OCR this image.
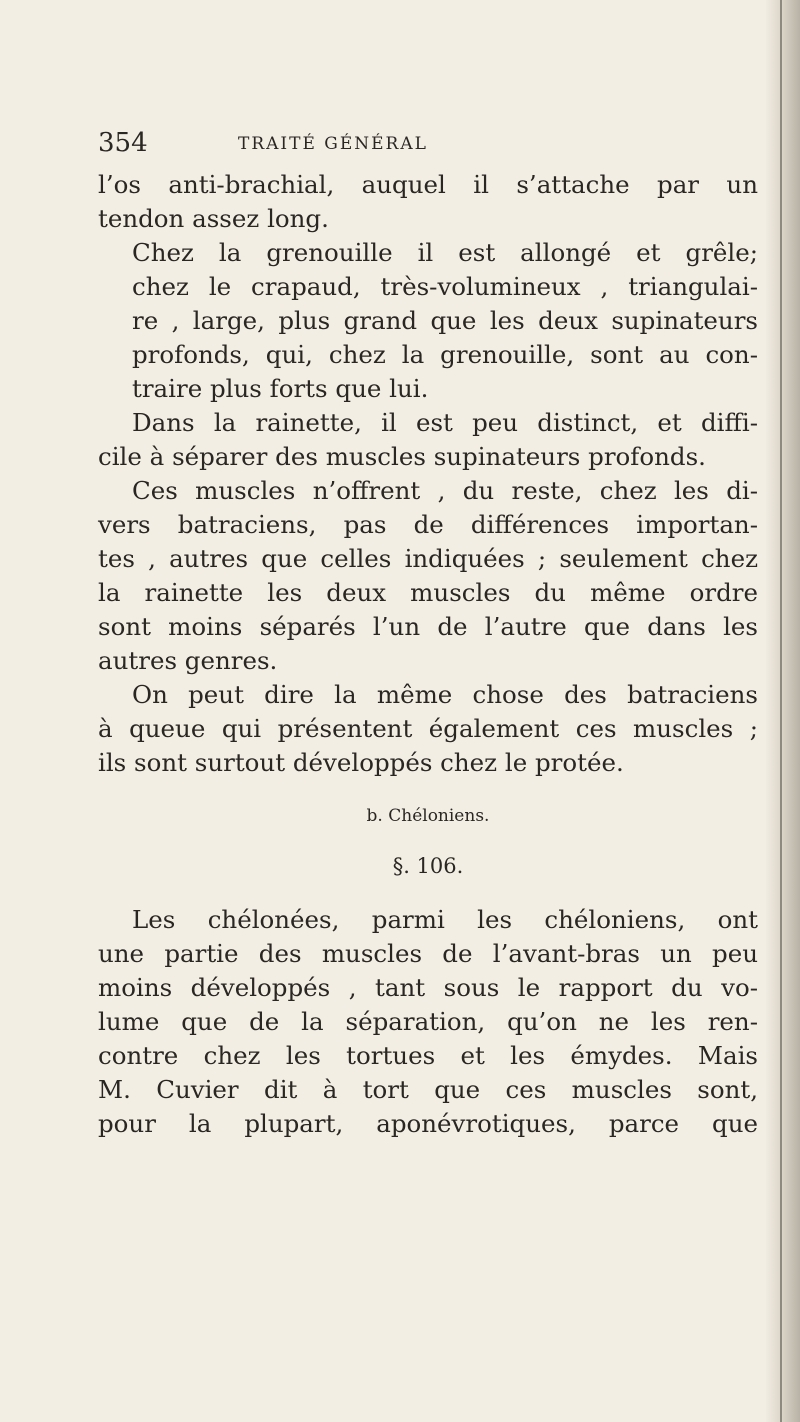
354	TRAITÉ GÉNÉRAL

l’os anti-brachial, auquel il s’attache par un
tendon assez long.

Chez la grenouille il est allongé et grêle;
chez le crapaud, très-volumineux , triangulai-
re , large, plus grand que les deux supinateurs
profonds, qui, chez la grenouille, sont au con-
traire plus forts que lui.

Dans la rainette, il est peu distinct, et diffi-
cile à séparer des muscles supinateurs profonds.

Ces muscles n’offrent , du reste, chez les di-
vers batraciens, pas de différences importan-
tes , autres que celles indiquées ; seulement chez
la rainette les deux muscles du même ordre
sont moins séparés l’un de l’autre que dans les
autres genres.

On peut dire la même chose des batraciens
à queue qui présentent également ces muscles ;
ils sont surtout développés chez le protée.

b. Chéloniens.
§. 106.

Les chélonées, parmi les chéloniens, ont
une partie des muscles de l’avant-bras un peu
moins développés , tant sous le rapport du vo-
lume que de la séparation, qu’on ne les ren-
contre chez les tortues et les émydes. Mais
M. Cuvier dit à tort que ces muscles sont,
pour la plupart, aponévrotiques, parce que
